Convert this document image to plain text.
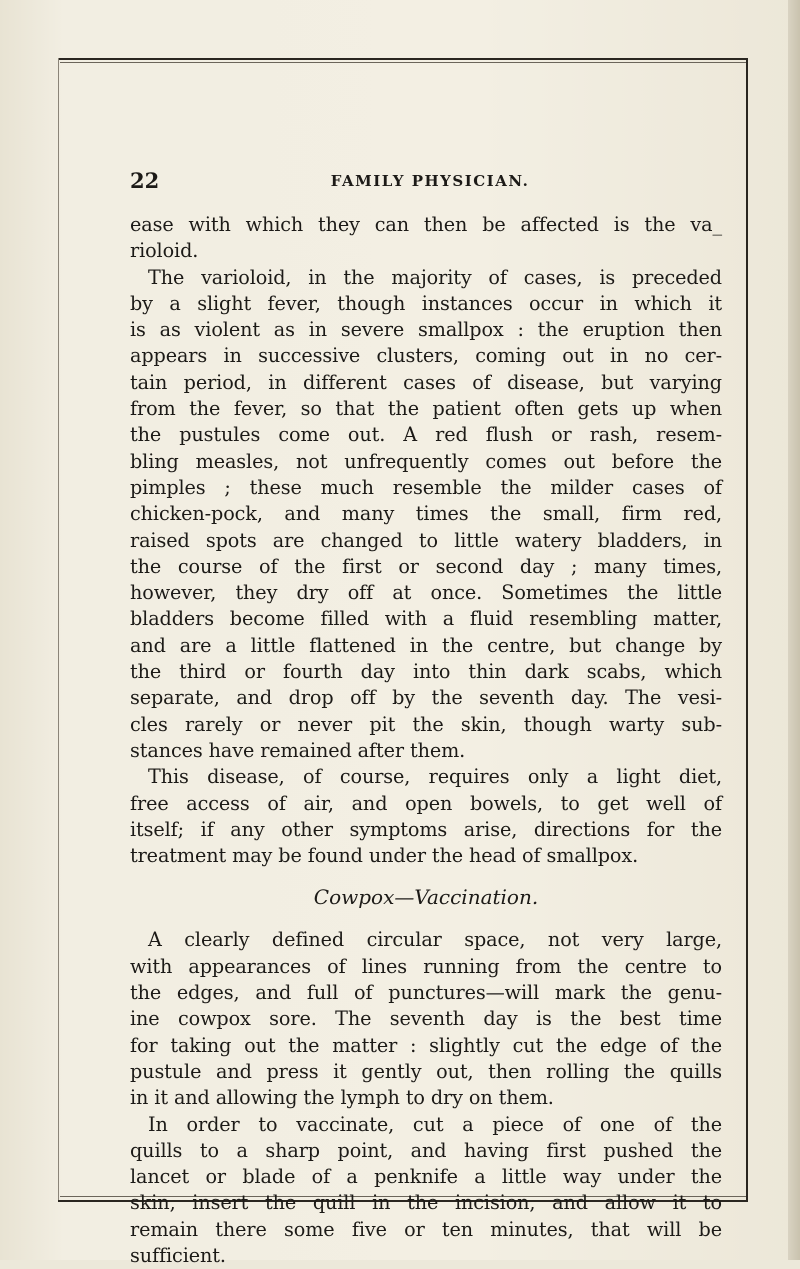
22	FAMILY PHYSICIAN.
ease with which they can then be affected is the va_
rioloid.
The varioloid, in the majority of cases, is preceded
by a slight fever, though instances occur in which it
is as violent as in severe smallpox : the eruption then
appears in successive clusters, coming out in no cer-
tain period, in different cases of disease, but varying
from the fever, so that the patient often gets up when
the pustules come out. A red flush or rash, resem-
bling measles, not unfrequently comes out before the
pimples ; these much resemble the milder cases of
chicken-pock, and many times the small, firm red,
raised spots are changed to little watery bladders, in
the course of the first or second day ; many times,
however, they dry off at once. Sometimes the little
bladders become filled with a fluid resembling matter,
and are a little flattened in the centre, but change by
the third or fourth day into thin dark scabs, which
separate, and drop off by the seventh day. The vesi-
cles rarely or never pit the skin, though warty sub-
stances have remained after them.
This disease, of course, requires only a light diet,
free access of air, and open bowels, to get well of
itself; if any other symptoms arise, directions for the
treatment may be found under the head of smallpox.
Cowpox—Vaccination.
A clearly defined circular space, not very large,
with appearances of lines running from the centre to
the edges, and full of punctures—will mark the genu-
ine cowpox sore. The seventh day is the best time
for taking out the matter : slightly cut the edge of the
pustule and press it gently out, then rolling the quills
in it and allowing the lymph to dry on them.
In order to vaccinate, cut a piece of one of the
quills to a sharp point, and having first pushed the
lancet or blade of a penknife a little way under the
skin, insert the quill in the incision, and allow it to
remain there some five or ten minutes, that will be
sufficient.
